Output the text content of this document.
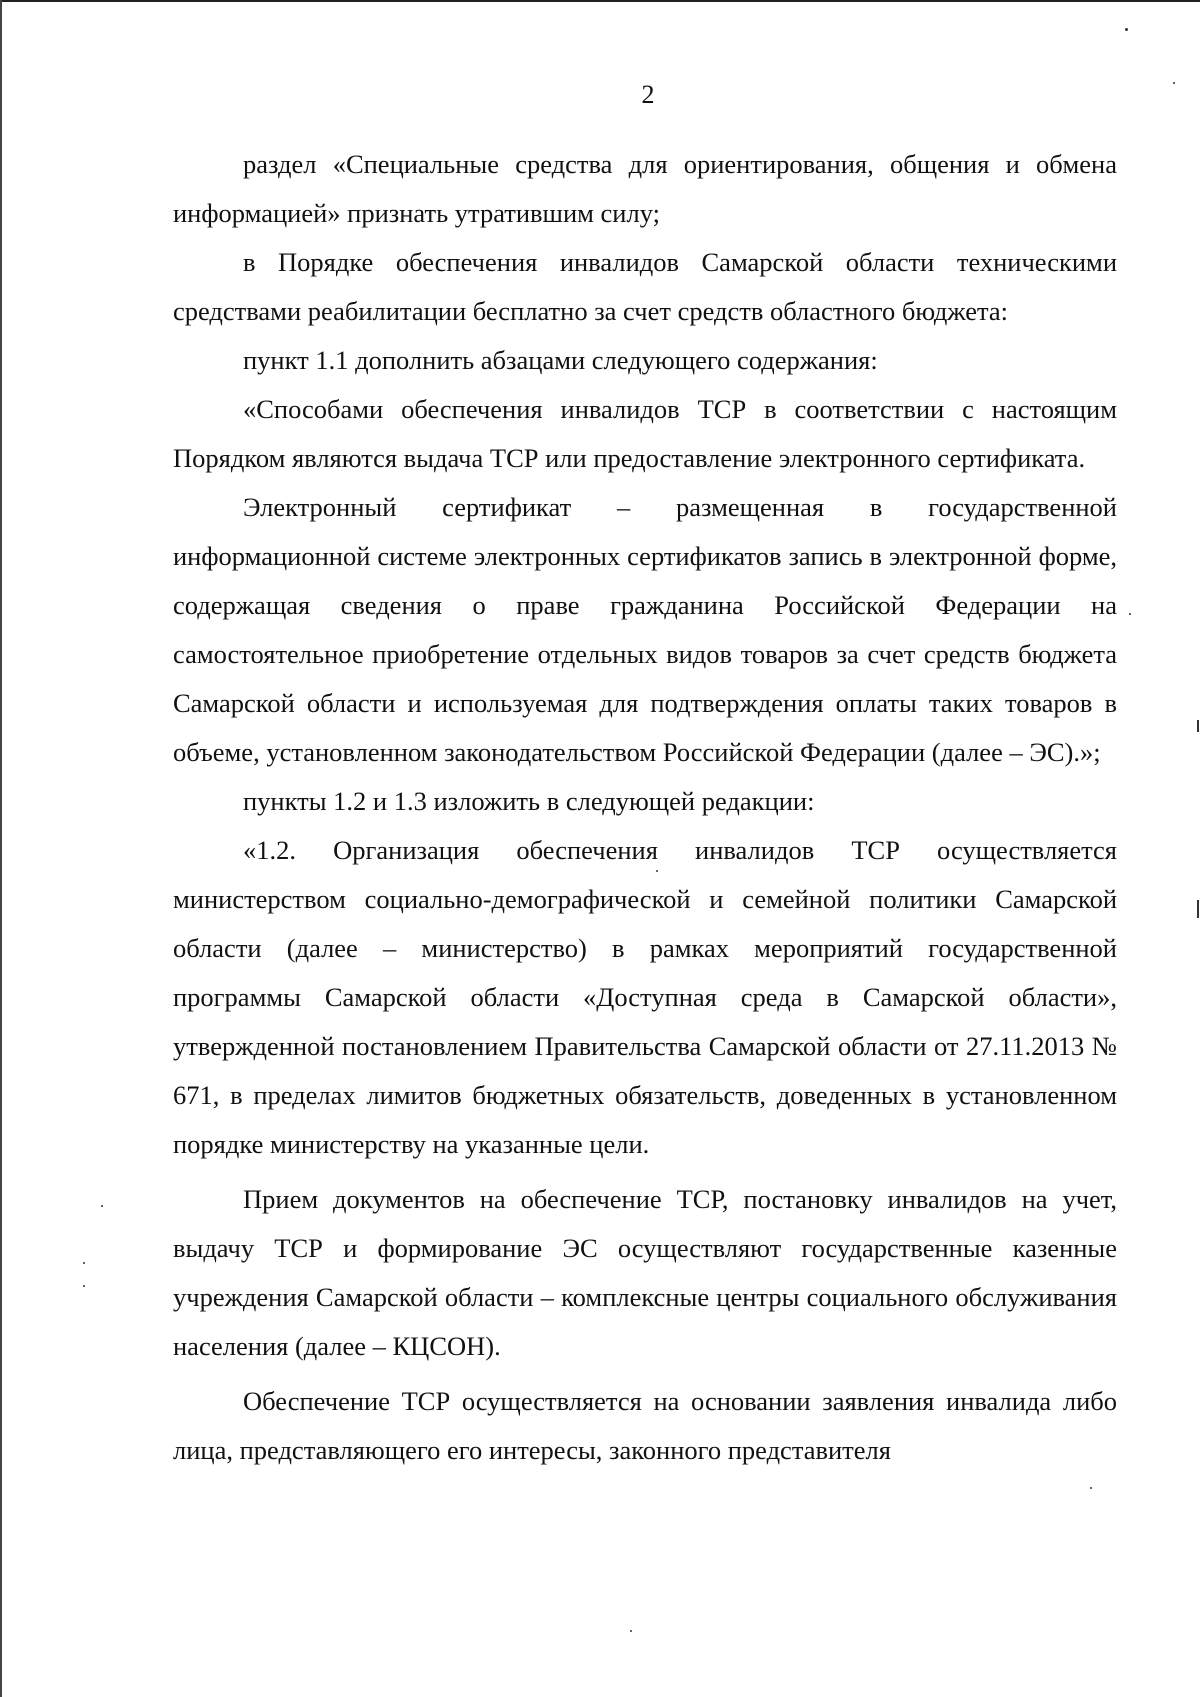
2

раздел «Специальные средства для ориентирования, общения и обмена информацией» признать утратившим силу;

в Порядке обеспечения инвалидов Самарской области техническими средствами реабилитации бесплатно за счет средств областного бюджета:

пункт 1.1 дополнить абзацами следующего содержания:

«Способами обеспечения инвалидов ТСР в соответствии с настоящим Порядком являются выдача ТСР или предоставление электронного сертификата.

Электронный сертификат – размещенная в государственной информационной системе электронных сертификатов запись в электронной форме, содержащая сведения о праве гражданина Российской Федерации на самостоятельное приобретение отдельных видов товаров за счет средств бюджета Самарской области и используемая для подтверждения оплаты таких товаров в объеме, установленном законодательством Российской Федерации (далее – ЭС).»;

пункты 1.2 и 1.3 изложить в следующей редакции:

«1.2. Организация обеспечения инвалидов ТСР осуществляется министерством социально-демографической и семейной политики Самарской области (далее – министерство) в рамках мероприятий государственной программы Самарской области «Доступная среда в Самарской области», утвержденной постановлением Правительства Самарской области от 27.11.2013 № 671, в пределах лимитов бюджетных обязательств, доведенных в установленном порядке министерству на указанные цели.

Прием документов на обеспечение ТСР, постановку инвалидов на учет, выдачу ТСР и формирование ЭС осуществляют государственные казенные учреждения Самарской области – комплексные центры социального обслуживания населения (далее – КЦСОН).

Обеспечение ТСР осуществляется на основании заявления инвалида либо лица, представляющего его интересы, законного представителя
